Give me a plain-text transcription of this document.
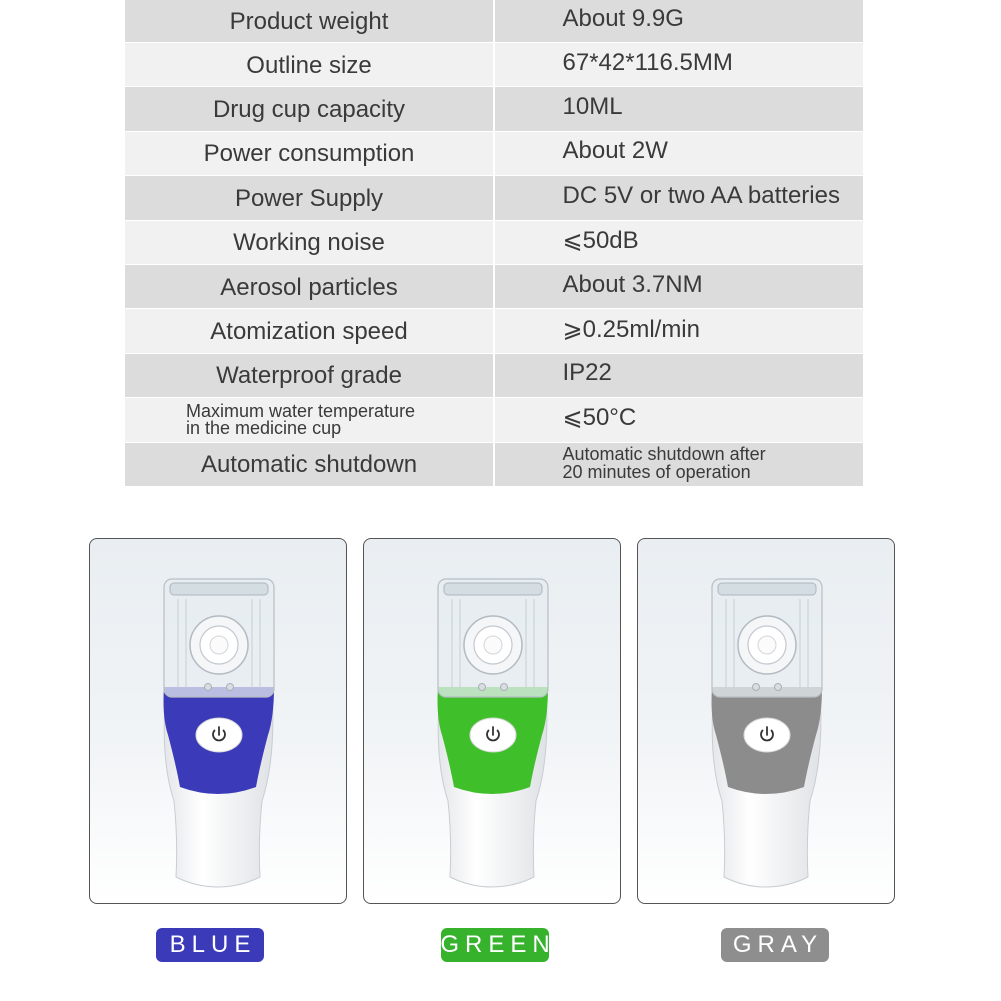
Product weight	About 9.9G
Outline size	67*42*116.5MM
Drug cup capacity	10ML
Power consumption	About 2W
Power Supply	DC 5V or two AA batteries
Working noise	⩽50dB
Aerosol particles	About 3.7NM
Atomization speed	⩾0.25ml/min
Waterproof grade	IP22
Maximum water temperature
in the medicine cup	⩽50°C
Automatic shutdown	Automatic shutdown after
20 minutes of operation
BLUE	GREEN	GRAY
